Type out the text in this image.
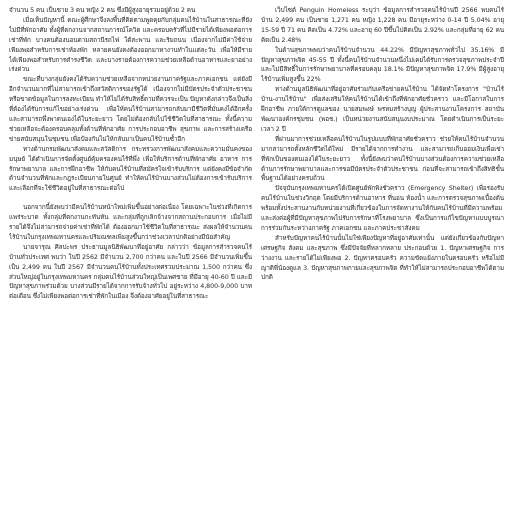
จำนวน 5 คน เป็นชาย 3 คน หญิง 2 คน ซึ่งมีผู้สูงอายุรวมอยู่ด้วย 2 คน

เมื่อเห็นปัญหานี้ คณะผู้ศึกษาจึงลงพื้นที่ติดตามพูดคุยกับกลุ่มคนไร้บ้านในสาธารณะที่ยังไม่มีที่พักอาศัย ทั้งผู้ที่ตกงานจากสถานการณ์โควิด และครอบครัวที่ไม่มีรายได้เพียงพอต่อการเช่าที่พัก บางคนต้องนอนตามสถานีรถไฟ ใต้สะพาน และริมถนน เนื่องจากไม่มีค่าใช้จ่ายเพียงพอสำหรับการเช่าห้องพัก หลายคนยังคงต้องออกมาหางานทำในแต่ละวัน เพื่อให้มีรายได้เพียงพอสำหรับการดำรงชีวิต และบางรายต้องการความช่วยเหลือด้านอาหารและยาอย่างเร่งด่วน

ขณะที่บางกลุ่มยังคงได้รับความช่วยเหลือจากหน่วยงานภาครัฐและภาคเอกชน แต่ยังมีอีกจำนวนมากที่ไม่สามารถเข้าถึงสวัสดิการของรัฐได้ เนื่องจากไม่มีบัตรประจำตัวประชาชน หรือขาดข้อมูลในการลงทะเบียน ทำให้ไม่ได้รับสิทธิ์ตามที่ควรจะเป็น ปัญหาดังกล่าวจึงเป็นสิ่งที่ต้องได้รับการแก้ไขอย่างเร่งด่วน เพื่อให้คนไร้บ้านสามารถกลับมามีชีวิตที่มั่นคงได้อีกครั้ง และสามารถพึ่งพาตนเองได้ในระยะยาว โดยไม่ต้องกลับไปใช้ชีวิตในที่สาธารณะ ทั้งนี้ความช่วยเหลือจะต้องครอบคลุมทั้งด้านที่พักอาศัย การประกอบอาชีพ สุขภาพ และการสร้างเครือข่ายสนับสนุนในชุมชน เพื่อป้องกันไม่ให้กลับมาเป็นคนไร้บ้านซ้ำอีก

ทางด้านกรมพัฒนาสังคมและสวัสดิการ กระทรวงการพัฒนาสังคมและความมั่นคงของมนุษย์ ได้ดำเนินการจัดตั้งศูนย์คุ้มครองคนไร้ที่พึ่ง เพื่อให้บริการด้านที่พักอาศัย อาหาร การรักษาพยาบาล และการฝึกอาชีพ ให้กับคนไร้บ้านที่สมัครใจเข้ารับบริการ แต่ยังคงมีข้อจำกัดด้านจำนวนที่พักและกฎระเบียบภายในศูนย์ ทำให้คนไร้บ้านบางส่วนไม่ต้องการเข้ารับบริการ และเลือกที่จะใช้ชีวิตอยู่ในที่สาธารณะต่อไป

นอกจากนี้ยังพบว่ามีคนไร้บ้านหน้าใหม่เพิ่มขึ้นอย่างต่อเนื่อง โดยเฉพาะในช่วงที่เกิดการแพร่ระบาด ทั้งกลุ่มที่ตกงานกะทันหัน และกลุ่มที่ถูกเลิกจ้างจากสถานประกอบการ เมื่อไม่มีรายได้จึงไม่สามารถจ่ายค่าเช่าที่พักได้ ต้องออกมาใช้ชีวิตในที่สาธารณะ ส่งผลให้จำนวนคนไร้บ้านในกรุงเทพมหานครและปริมณฑลเพิ่มสูงขึ้นกว่าช่วงเวลาปกติอย่างมีนัยสำคัญ

นายจารุณ ศิลปะพร ประธานมูลนิธิพัฒนาที่อยู่อาศัย กล่าวว่า ข้อมูลการสำรวจคนไร้บ้านทั่วประเทศ พบว่า ในปี 2562 มีจำนวน 2,700 กว่าคน และในปี 2566 มีจำนวนเพิ่มขึ้นเป็น 2,499 คน ในปี 2567 มีจำนวนคนไร้บ้านทั้งประเทศรวมประมาณ 1,500 กว่าคน ซึ่งส่วนใหญ่อยู่ในกรุงเทพมหานคร กลุ่มคนไร้บ้านส่วนใหญ่เป็นเพศชาย ที่มีอายุ 40-60 ปี และมีปัญหาสุขภาพร่วมด้วย บางส่วนมีรายได้จากการรับจ้างทั่วไป อยู่ระหว่าง 4,800-9,000 บาทต่อเดือน ซึ่งไม่เพียงพอต่อการเช่าที่พักในเมือง จึงต้องอาศัยอยู่ในที่สาธารณะ

เว็บไซต์ Penguin Homeless ระบุว่า ข้อมูลการสำรวจคนไร้บ้านปี 2566 พบคนไร้บ้าน 2,499 คน เป็นชาย 1,271 คน หญิง 1,228 คน มีอายุระหว่าง 0-14 ปี 5.04% อายุ 15-59 ปี 71 คน คิดเป็น 4.72% และอายุ 60 ปีขึ้นไปคิดเป็น 2.92% และกลุ่มที่อายุ 62 คน คิดเป็น 2.48%

ในด้านสุขภาพพบว่าคนไร้บ้านจำนวน 44.22% มีปัญหาสุขภาพทั่วไป 35.16% มีปัญหาสุขภาพจิต 45-55 ปี ทั้งนี้คนไร้บ้านจำนวนหนึ่งไม่เคยได้รับการตรวจสุขภาพประจำปี และไม่มีสิทธิ์ในการรักษาพยาบาลที่ครอบคลุม 18.1% มีปัญหาสุขภาพจิต 17.9% มีผู้สูงอายุไร้บ้านเพิ่มสูงขึ้น 22%

ทางด้านมูลนิธิพัฒนาที่อยู่อาศัยร่วมกับเครือข่ายคนไร้บ้าน ได้จัดทำโครงการ "บ้านไร้บ้าน-งานไร้บ้าน" เพื่อส่งเสริมให้คนไร้บ้านได้เข้าถึงที่พักอาศัยชั่วคราว และมีโอกาสในการฝึกอาชีพ ภายใต้การดูแลของ นายสมพงษ์ พรหมสร้างบุญ ผู้ประสานงานโครงการ สถาบันพัฒนาองค์กรชุมชน (พอช.) เป็นหน่วยงานสนับสนุนงบประมาณ โดยดำเนินการเป็นระยะเวลา 2 ปี

ที่ผ่านมาการช่วยเหลือคนไร้บ้านในรูปแบบที่พักอาศัยชั่วคราว ช่วยให้คนไร้บ้านจำนวนมากสามารถตั้งหลักชีวิตได้ใหม่ มีรายได้จากการทำงาน และสามารถเก็บออมเงินเพื่อเช่าที่พักเป็นของตนเองได้ในระยะยาว ทั้งนี้ยังพบว่าคนไร้บ้านบางส่วนต้องการความช่วยเหลือด้านการรักษาพยาบาลและการขอมีบัตรประจำตัวประชาชน ก่อนที่จะสามารถเข้าถึงสิทธิขั้นพื้นฐานได้อย่างครบถ้วน

ปัจจุบันกรุงเทพมหานครได้เปิดศูนย์พักพิงชั่วคราว (Emergency Shelter) เพื่อรองรับคนไร้บ้านในช่วงวิกฤต โดยมีบริการด้านอาหาร ที่นอน ห้องน้ำ และการตรวจสุขภาพเบื้องต้น พร้อมทั้งประสานงานกับหน่วยงานที่เกี่ยวข้องในการจัดหางานให้กับคนไร้บ้านที่มีความพร้อม และส่งต่อผู้ที่มีปัญหาสุขภาพไปรับการรักษาที่โรงพยาบาล ซึ่งเป็นการแก้ไขปัญหาแบบบูรณาการร่วมกันระหว่างภาครัฐ ภาคเอกชน และภาคประชาสังคม

สำหรับปัญหาคนไร้บ้านนั้นไม่ใช่เพียงปัญหาที่อยู่อาศัยเท่านั้น แต่ยังเกี่ยวข้องกับปัญหาเศรษฐกิจ สังคม และสุขภาพ ซึ่งมีปัจจัยที่หลากหลาย ประกอบด้วย 1. ปัญหาเศรษฐกิจ การว่างงาน และรายได้ไม่เพียงพอ 2. ปัญหาครอบครัว ความขัดแย้งภายในครอบครัว หรือไม่มีญาติพี่น้องดูแล 3. ปัญหาสุขภาพกายและสุขภาพจิต ที่ทำให้ไม่สามารถประกอบอาชีพได้ตามปกติ
